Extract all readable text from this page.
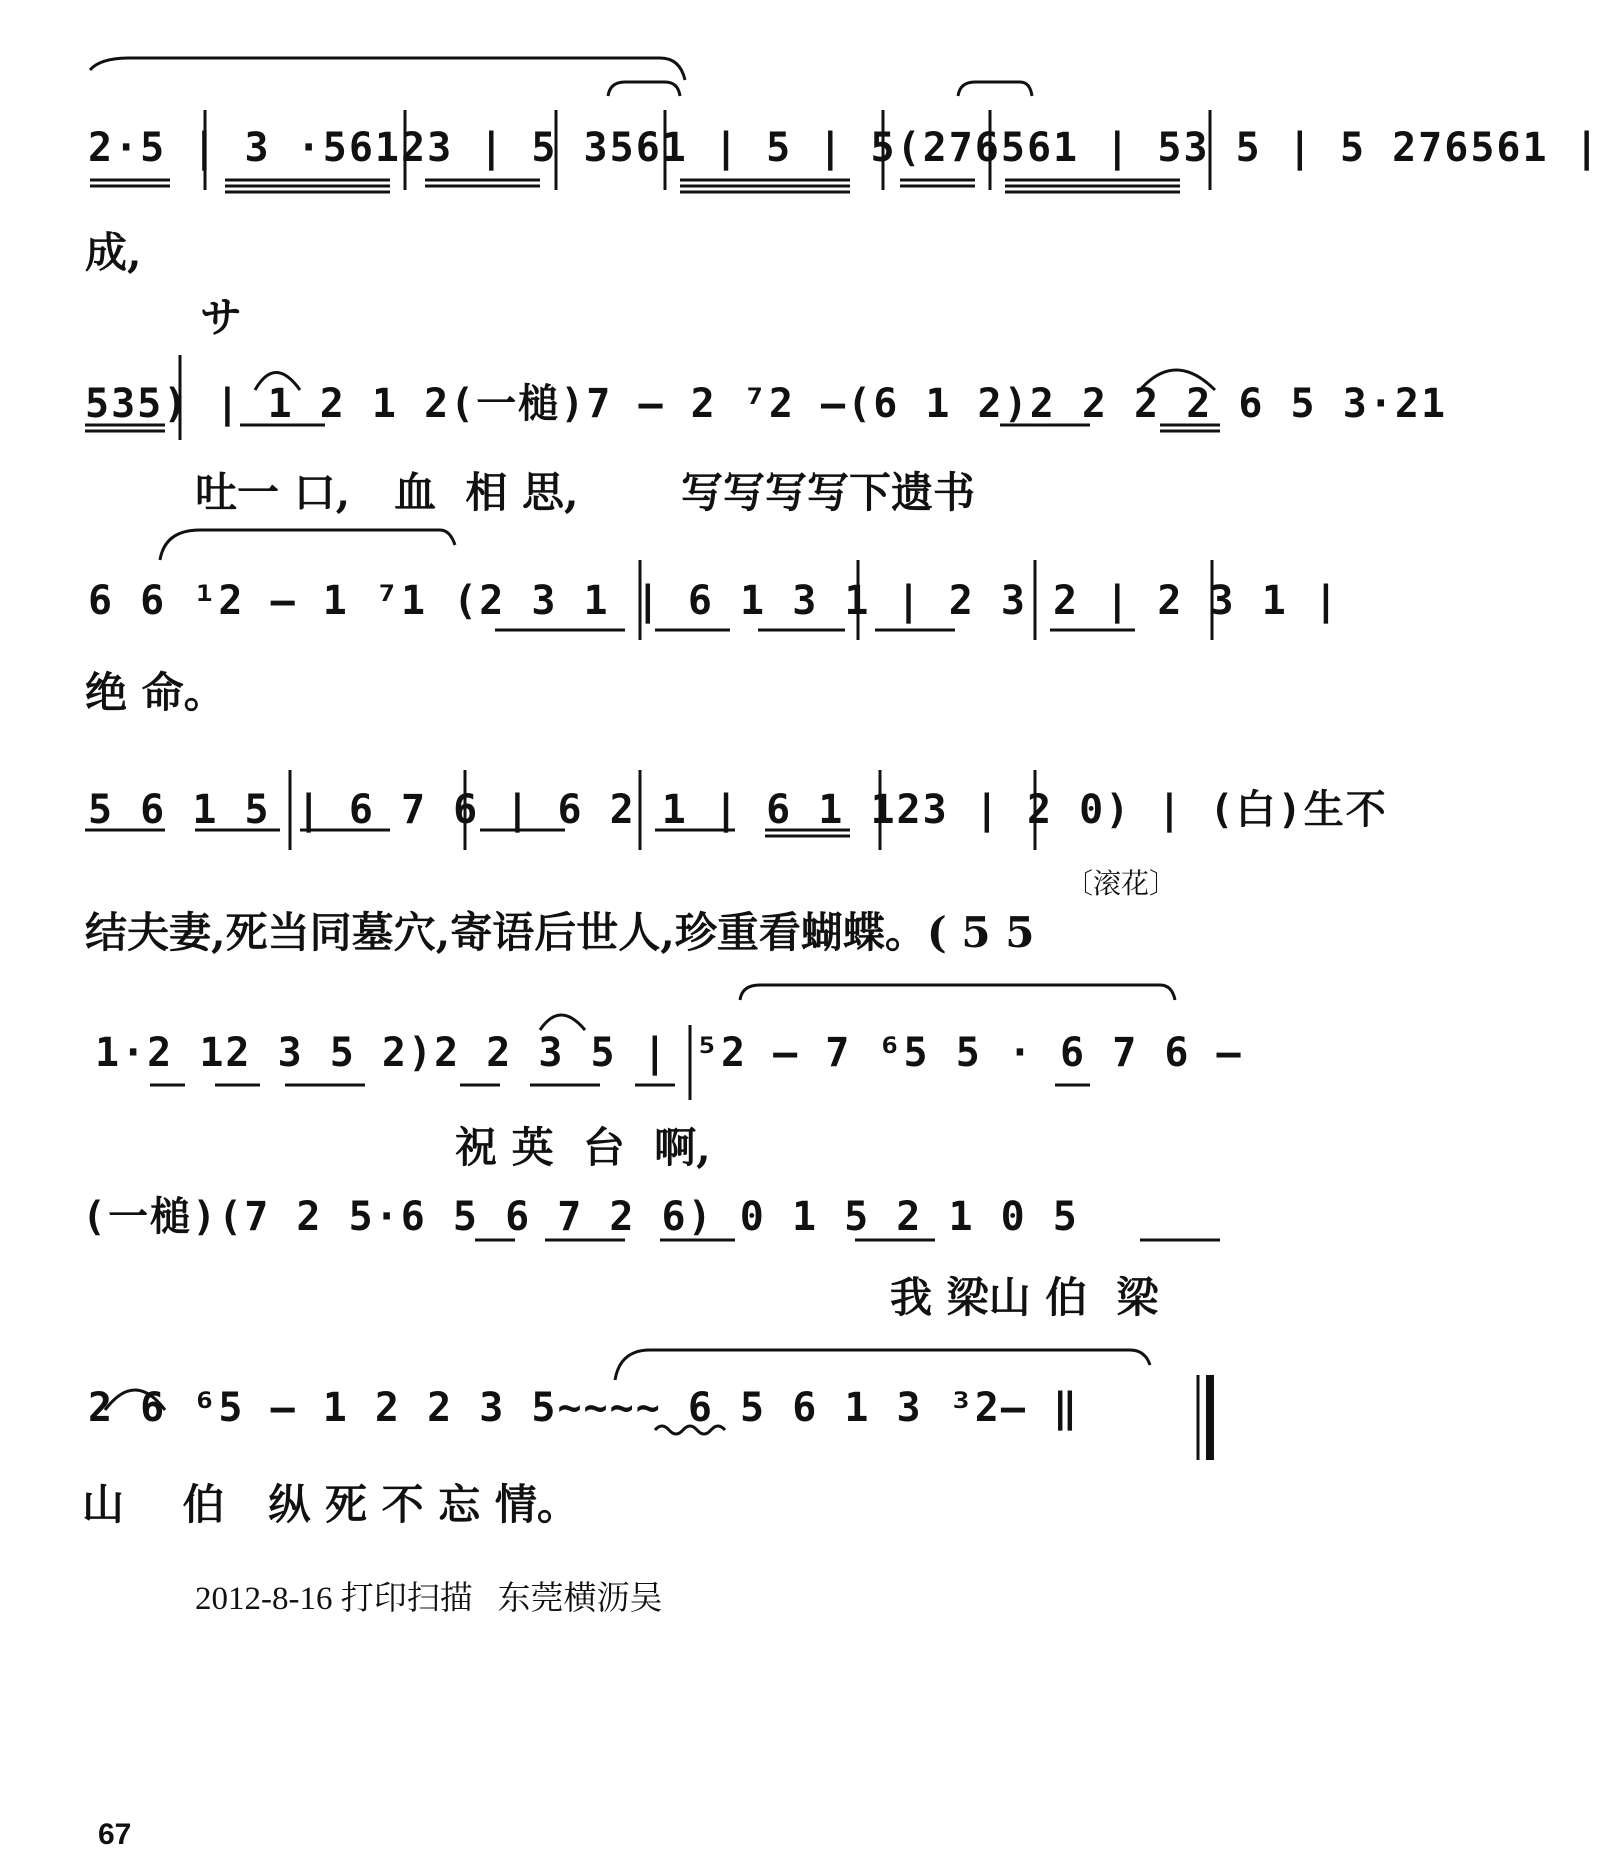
2·5 | 3 ·56123 | 5 3561 | 5 | 5(276561 | 53 5 | 5 276561 |
成,
サ
535) | 1 2 1 2(一槌)7 — 2 ⁷2 —(6 1 2)2 2 2 2 6 5 3·21
吐一 口,   血  相 思,       写写写写下遗书
6 6 ¹2 — 1 ⁷1 (2 3 1 | 6 1 3 1 | 2 3 2 | 2 3 1 |
绝 命。
5 6 1 5 | 6 7 6 | 6 2 1 | 6 1 123 | 2 0) | (白)生不
〔滚花〕
结夫妻,死当同墓穴,寄语后世人,珍重看蝴蝶。( 5 5
1·2 12 3 5 2)2 2 3 5 | ⁵2 — 7 ⁶5 5 · 6 7 6 —
祝 英  台  啊,
(一槌)(7 2 5·6 5 6 7 2 6) 0 1 5 2 1 0 5
我 梁山 伯  梁
2 6 ⁶5 — 1 2 2 3 5~~~~ 6 5 6 1 3 ³2— ‖
山    伯   纵 死 不 忘 情。
2012-8-16 打印扫描   东莞横沥吴
67
